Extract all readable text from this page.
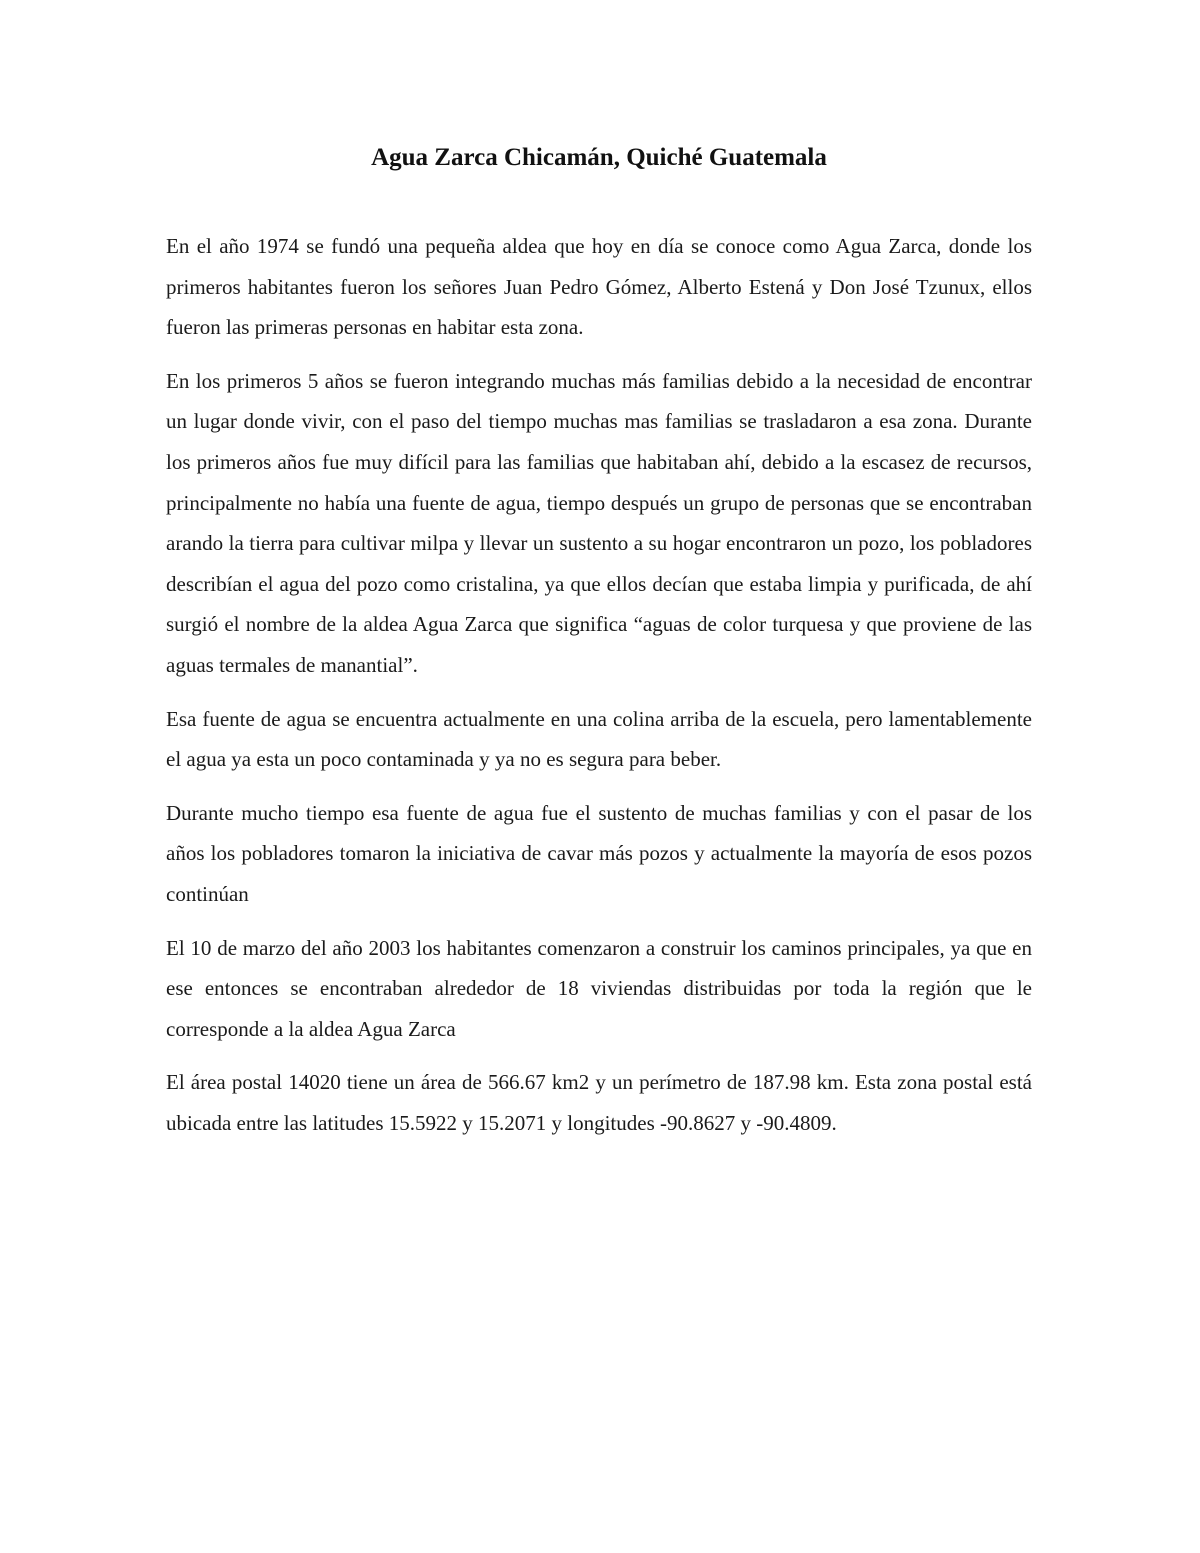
Agua Zarca Chicamán, Quiché Guatemala

En el año 1974 se fundó una pequeña aldea que hoy en día se conoce como Agua Zarca, donde los primeros habitantes fueron los señores Juan Pedro Gómez, Alberto Estená y Don José Tzunux, ellos fueron las primeras personas en habitar esta zona.

En los primeros 5 años se fueron integrando muchas más familias debido a la necesidad de encontrar un lugar donde vivir, con el paso del tiempo muchas mas familias se trasladaron a esa zona. Durante los primeros años fue muy difícil para las familias que habitaban ahí, debido a la escasez de recursos, principalmente no había una fuente de agua, tiempo después un grupo de personas que se encontraban arando la tierra para cultivar milpa y llevar un sustento a su hogar encontraron un pozo, los pobladores describían el agua del pozo como cristalina, ya que ellos decían que estaba limpia y purificada, de ahí surgió el nombre de la aldea Agua Zarca que significa “aguas de color turquesa y que proviene de las aguas termales de manantial”.

Esa fuente de agua se encuentra actualmente en una colina arriba de la escuela, pero lamentablemente el agua ya esta un poco contaminada y ya no es segura para beber.

Durante mucho tiempo esa fuente de agua fue el sustento de muchas familias y con el pasar de los años los pobladores tomaron la iniciativa de cavar más pozos y actualmente la mayoría de esos pozos continúan

El 10 de marzo del año 2003 los habitantes comenzaron a construir los caminos principales, ya que en ese entonces se encontraban alrededor de 18 viviendas distribuidas por toda la región que le corresponde a la aldea Agua Zarca

El área postal 14020 tiene un área de 566.67 km2 y un perímetro de 187.98 km. Esta zona postal está ubicada entre las latitudes 15.5922 y 15.2071 y longitudes -90.8627 y -90.4809.
